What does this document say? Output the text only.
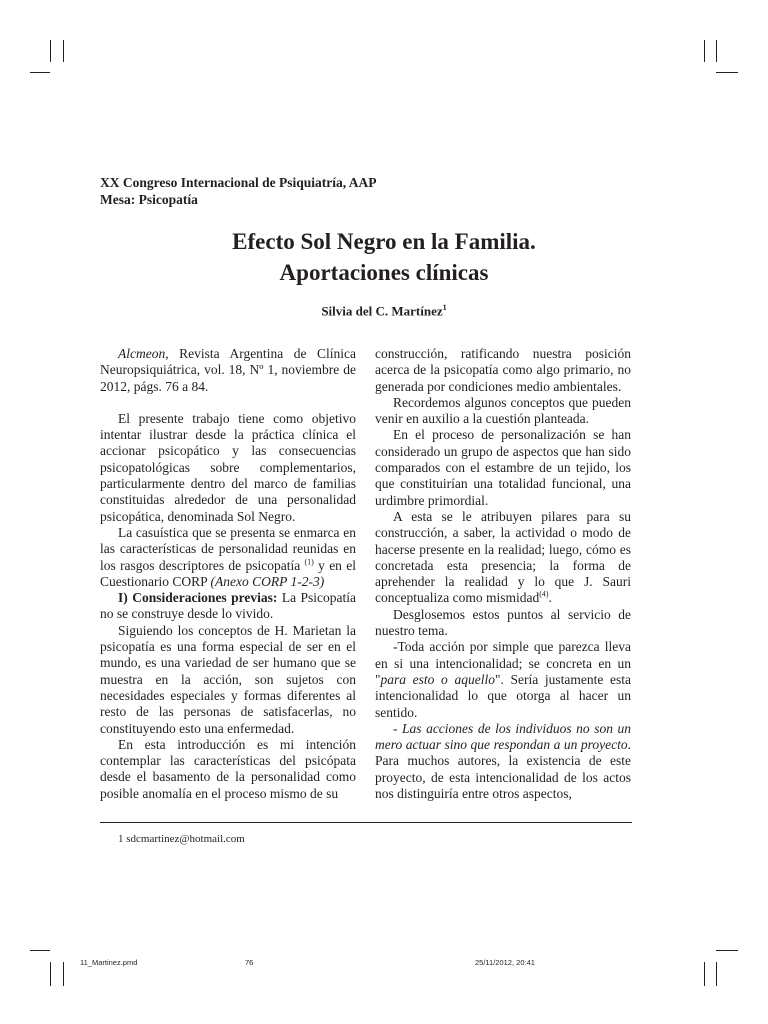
XX Congreso Internacional de Psiquiatría, AAP
Mesa: Psicopatía
Efecto Sol Negro en la Familia.
Aportaciones clínicas
Silvia del C. Martínez$^1$

Alcmeon, Revista Argentina de Clínica Neuropsiquiátrica, vol. 18, Nº 1, noviembre de 2012, págs. 76 a 84.

El presente trabajo tiene como objetivo intentar ilustrar desde la práctica clínica el accionar psicopático y las consecuencias psicopatológicas sobre complementarios, particularmente dentro del marco de familias constituidas alrededor de una personalidad psicopática, denominada Sol Negro.

La casuística que se presenta se enmarca en las características de personalidad reunidas en los rasgos descriptores de psicopatía $^{(1)}$ y en el Cuestionario CORP (Anexo CORP 1-2-3)

I) Consideraciones previas: La Psicopatía no se construye desde lo vivido.

Siguiendo los conceptos de H. Marietan la psicopatía es una forma especial de ser en el mundo, es una variedad de ser humano que se muestra en la acción, son sujetos con necesidades especiales y formas diferentes al resto de las personas de satisfacerlas, no constituyendo esto una enfermedad.

En esta introducción es mi intención contemplar las características del psicópata desde el basamento de la personalidad como posible anomalía en el proceso mismo de su

construcción, ratificando nuestra posición acerca de la psicopatía como algo primario, no generada por condiciones medio ambientales.

Recordemos algunos conceptos que pueden venir en auxilio a la cuestión planteada.

En el proceso de personalización se han considerado un grupo de aspectos que han sido comparados con el estambre de un tejido, los que constituirían una totalidad funcional, una urdimbre primordial.

A esta se le atribuyen pilares para su construcción, a saber, la actividad o modo de hacerse presente en la realidad; luego, cómo es concretada esta presencia; la forma de aprehender la realidad y lo que J. Sauri conceptualiza como mismidad$^{(4)}$.

Desglosemos estos puntos al servicio de nuestro tema.

-Toda acción por simple que parezca lleva en si una intencionalidad; se concreta en un "para esto o aquello". Sería justamente esta intencionalidad lo que otorga al hacer un sentido.

- Las acciones de los individuos no son un mero actuar sino que respondan a un proyecto. Para muchos autores, la existencia de este proyecto, de esta intencionalidad de los actos nos distinguiría entre otros aspectos,

1 sdcmartinez@hotmail.com
11_Martinez.pmd	76	25/11/2012, 20:41
